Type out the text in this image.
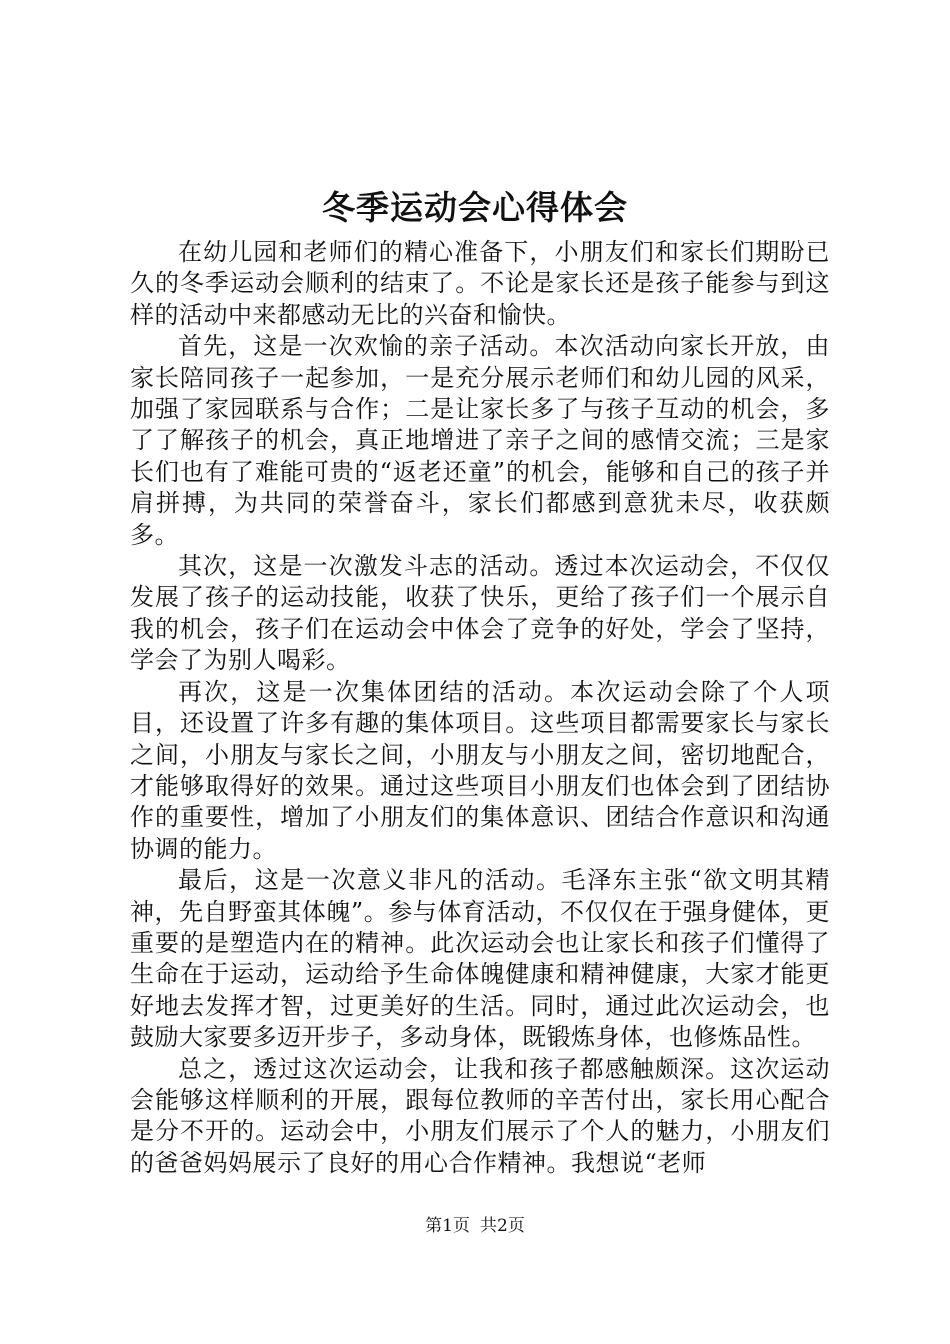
冬季运动会心得体会

在幼儿园和老师们的精心准备下，小朋友们和家长们期盼已久的冬季运动会顺利的结束了。不论是家长还是孩子能参与到这样的活动中来都感动无比的兴奋和愉快。

首先，这是一次欢愉的亲子活动。本次活动向家长开放，由家长陪同孩子一起参加，一是充分展示老师们和幼儿园的风采，加强了家园联系与合作；二是让家长多了与孩子互动的机会，多了了解孩子的机会，真正地增进了亲子之间的感情交流；三是家长们也有了难能可贵的“返老还童”的机会，能够和自己的孩子并肩拼搏，为共同的荣誉奋斗，家长们都感到意犹未尽，收获颇多。

其次，这是一次激发斗志的活动。透过本次运动会，不仅仅发展了孩子的运动技能，收获了快乐，更给了孩子们一个展示自我的机会，孩子们在运动会中体会了竞争的好处，学会了坚持，学会了为别人喝彩。

再次，这是一次集体团结的活动。本次运动会除了个人项目，还设置了许多有趣的集体项目。这些项目都需要家长与家长之间，小朋友与家长之间，小朋友与小朋友之间，密切地配合，才能够取得好的效果。通过这些项目小朋友们也体会到了团结协作的重要性，增加了小朋友们的集体意识、团结合作意识和沟通协调的能力。

最后，这是一次意义非凡的活动。毛泽东主张“欲文明其精神，先自野蛮其体魄”。参与体育活动，不仅仅在于强身健体，更重要的是塑造内在的精神。此次运动会也让家长和孩子们懂得了生命在于运动，运动给予生命体魄健康和精神健康，大家才能更好地去发挥才智，过更美好的生活。同时，通过此次运动会，也鼓励大家要多迈开步子，多动身体，既锻炼身体，也修炼品性。

总之，透过这次运动会，让我和孩子都感触颇深。这次运动会能够这样顺利的开展，跟每位教师的辛苦付出，家长用心配合是分不开的。运动会中，小朋友们展示了个人的魅力，小朋友们的爸爸妈妈展示了良好的用心合作精神。我想说“老师

第1页 共2页
